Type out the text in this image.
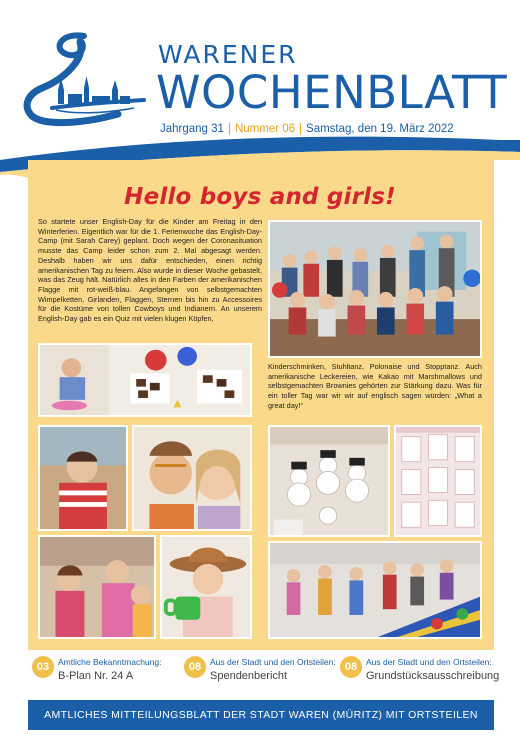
WARENER
WOCHENBLATT
Jahrgang 31 | Nummer 06 | Samstag, den 19. März 2022
Hello boys and girls!
So startete unser English-Day für die Kinder am Freitag in den Winterferien. Eigentlich war für die 1. Ferienwoche das English-Day-Camp (mit Sarah Carey) geplant. Doch wegen der Coronasituation musste das Camp leider schon zum 2. Mal abgesagt werden. Deshalb haben wir uns dafür entschieden, einen richtig amerikanischen Tag zu feiern. Also wurde in dieser Woche gebastelt, was das Zeug hält. Natürlich alles in den Farben der amerikanischen Flagge mit rot-weiß-blau. Angefangen von selbstgemachten Wimpelketten, Girlanden, Flaggen, Sternen bis hin zu Accessoires für die Kostüme von tollen Cowboys und Indianern. An unserem English-Day gab es ein Quiz mit vielen klugen Köpfen,
Kinderschminken, Stuhltanz, Polonaise und Stopptanz. Auch amerikanische Leckereien, wie Kakao mit Marshmallows und selbstgemachten Brownies gehörten zur Stärkung dazu. Was für ein toller Tag war wir wir auf englisch sagen würden: „What a great day!“
03	Amtliche Bekanntmachung:
B-Plan Nr. 24 A
08	Aus der Stadt und den Ortsteilen:
Spendenbericht
08	Aus der Stadt und den Ortsteilen:
Grundstücksausschreibung
AMTLICHES MITTEILUNGSBLATT DER STADT WAREN (MÜRITZ) MIT ORTSTEILEN
